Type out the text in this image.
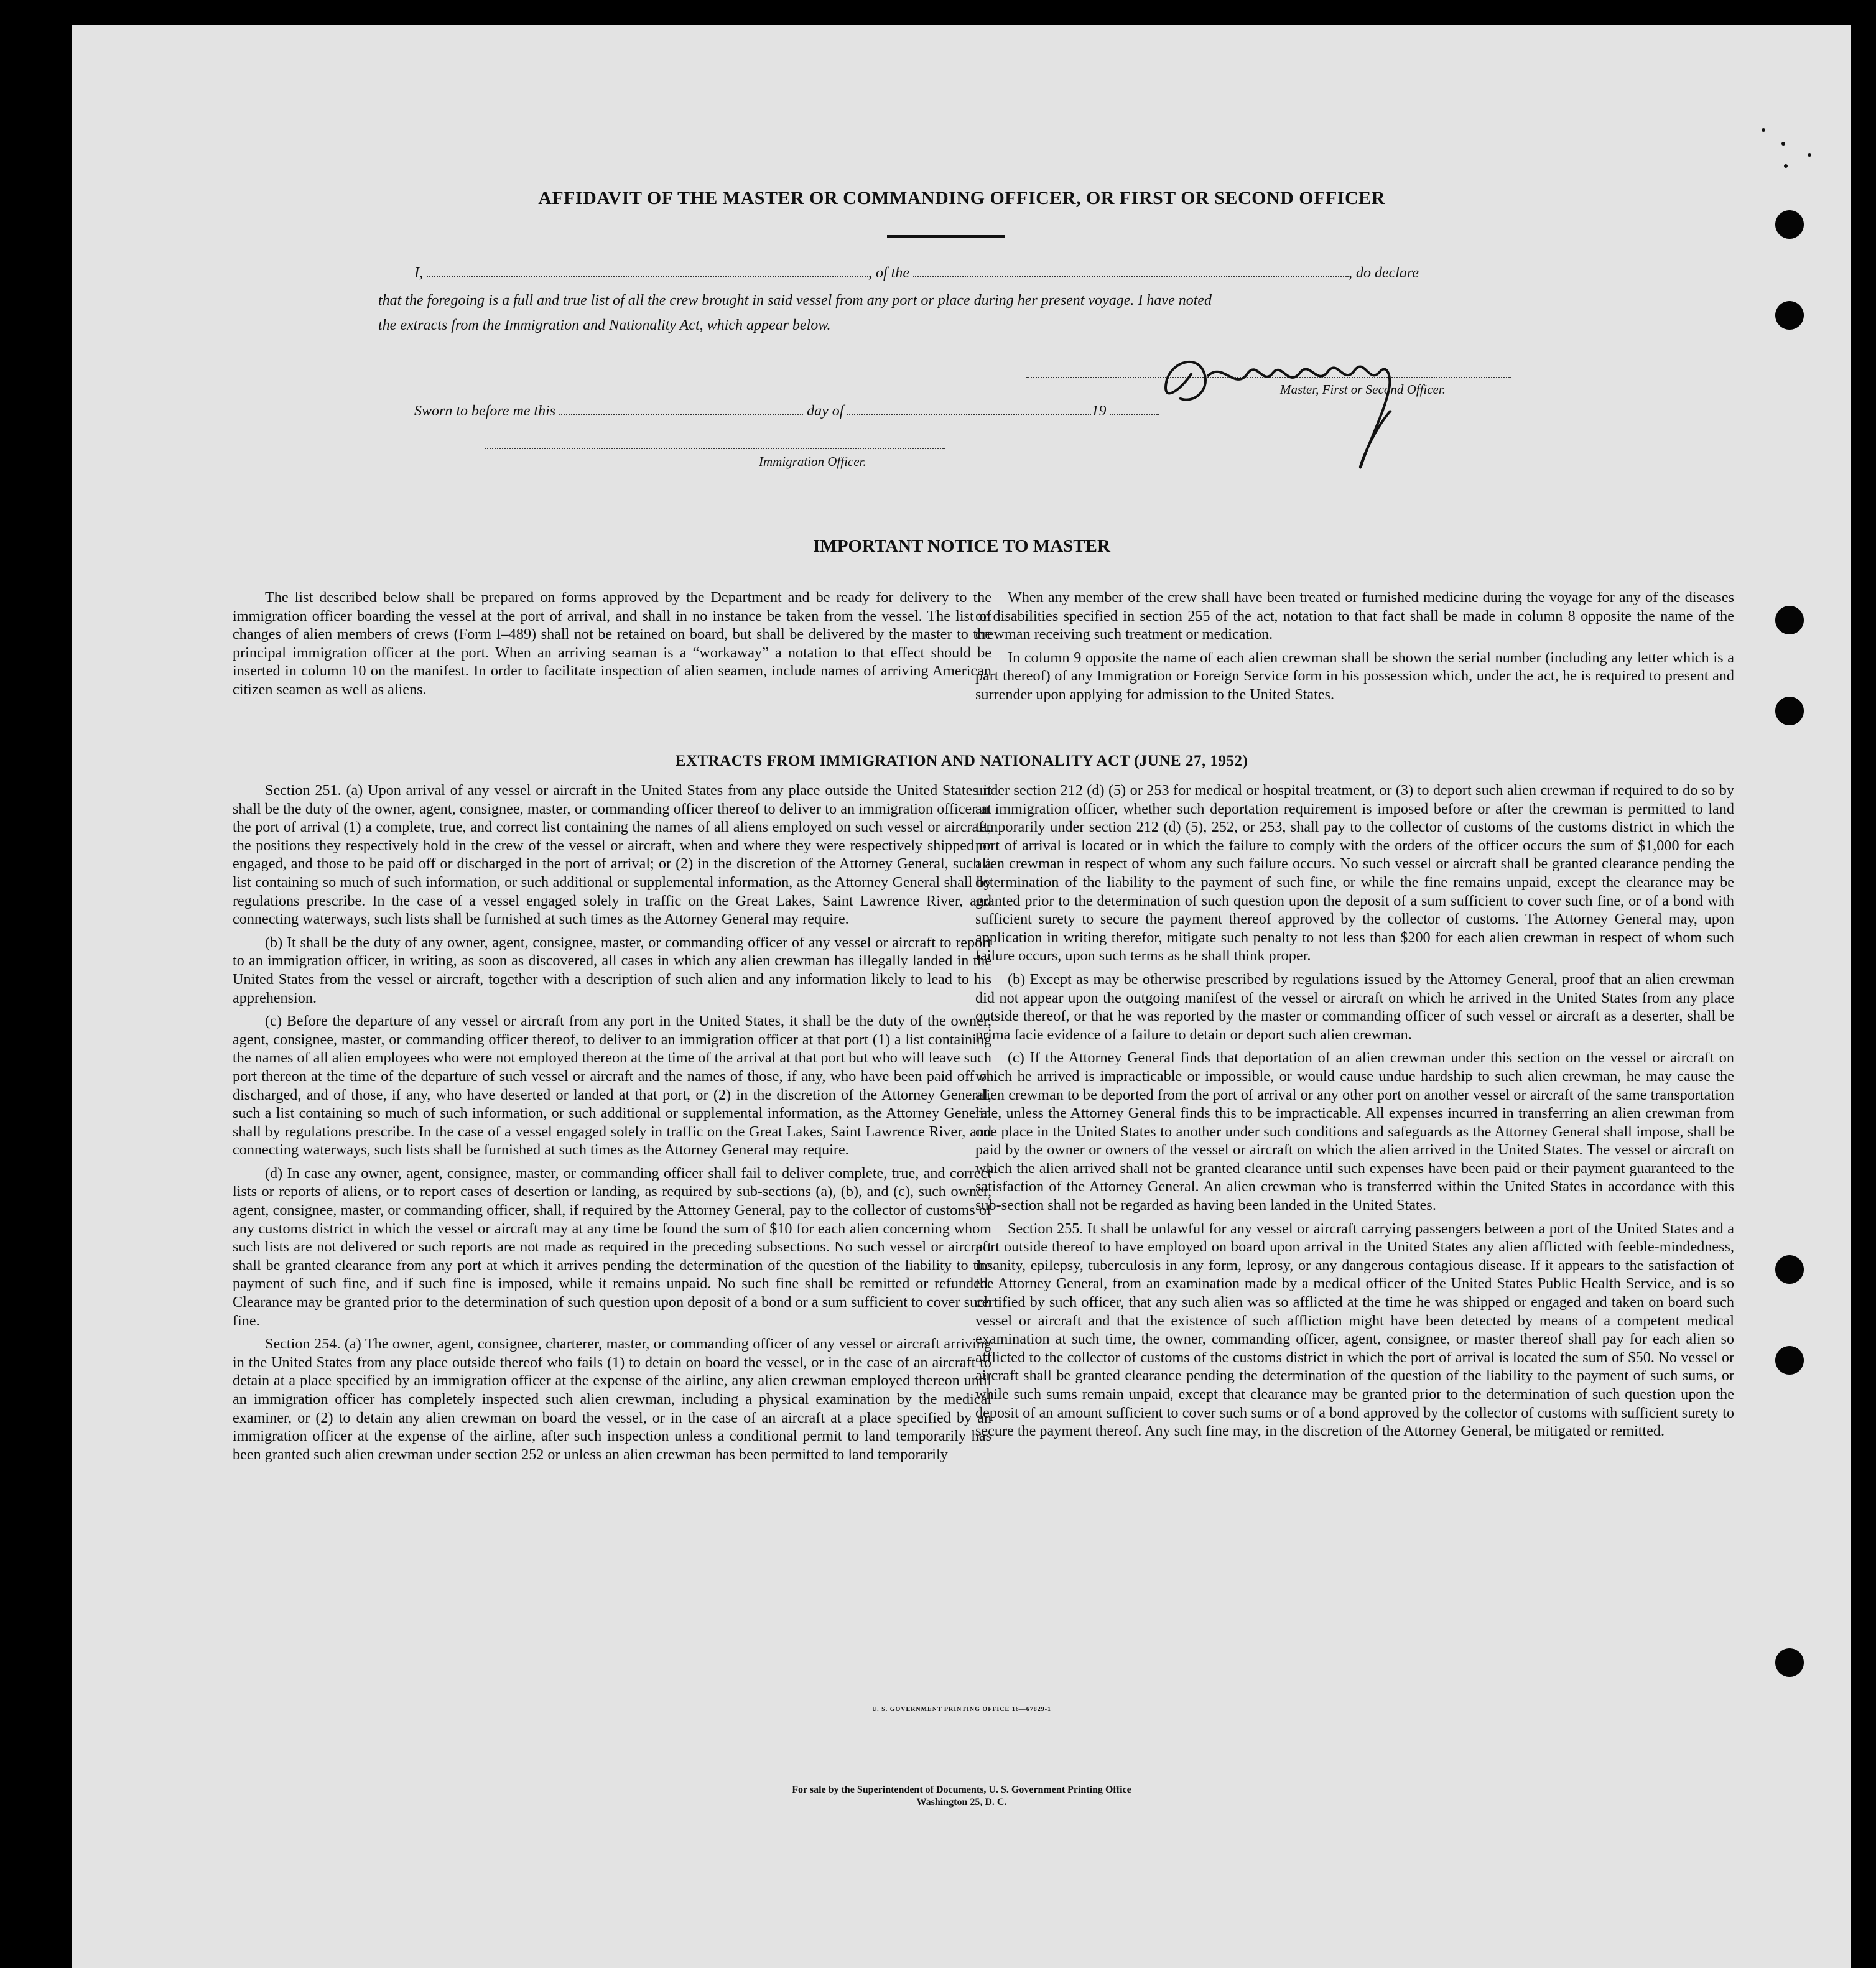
AFFIDAVIT OF THE MASTER OR COMMANDING OFFICER, OR FIRST OR SECOND OFFICER
I,	, of the	, do declare
that the foregoing is a full and true list of all the crew brought in said vessel from any port or place during her present voyage. I have noted
the extracts from the Immigration and Nationality Act, which appear below.
J.Nordskog
Master, First or Second Officer.
Sworn to before me this	day of	19
Immigration Officer.
IMPORTANT NOTICE TO MASTER

The list described below shall be prepared on forms approved by the Department and be ready for delivery to the immigration officer boarding the vessel at the port of arrival, and shall in no instance be taken from the vessel. The list of changes of alien members of crews (Form I–489) shall not be retained on board, but shall be delivered by the master to the principal immigration officer at the port. When an arriving seaman is a “workaway” a notation to that effect should be inserted in column 10 on the manifest. In order to facilitate inspection of alien seamen, include names of arriving American citizen seamen as well as aliens.

When any member of the crew shall have been treated or furnished medicine during the voyage for any of the diseases or disabilities specified in section 255 of the act, notation to that fact shall be made in column 8 opposite the name of the crewman receiving such treatment or medication.

In column 9 opposite the name of each alien crewman shall be shown the serial number (including any letter which is a part thereof) of any Immigration or Foreign Service form in his possession which, under the act, he is required to present and surrender upon applying for admission to the United States.

EXTRACTS FROM IMMIGRATION AND NATIONALITY ACT (JUNE 27, 1952)

Section 251. (a) Upon arrival of any vessel or aircraft in the United States from any place outside the United States it shall be the duty of the owner, agent, consignee, master, or commanding officer thereof to deliver to an immigration officer at the port of arrival (1) a complete, true, and correct list containing the names of all aliens employed on such vessel or aircraft, the positions they respectively hold in the crew of the vessel or aircraft, when and where they were respectively shipped or engaged, and those to be paid off or discharged in the port of arrival; or (2) in the discretion of the Attorney General, such a list containing so much of such information, or such additional or supplemental information, as the Attorney General shall by regulations prescribe. In the case of a vessel engaged solely in traffic on the Great Lakes, Saint Lawrence River, and connecting waterways, such lists shall be furnished at such times as the Attorney General may require.

(b) It shall be the duty of any owner, agent, consignee, master, or commanding officer of any vessel or aircraft to report to an immigration officer, in writing, as soon as discovered, all cases in which any alien crewman has illegally landed in the United States from the vessel or aircraft, together with a description of such alien and any information likely to lead to his apprehension.

(c) Before the departure of any vessel or aircraft from any port in the United States, it shall be the duty of the owner, agent, consignee, master, or commanding officer thereof, to deliver to an immigration officer at that port (1) a list containing the names of all alien employees who were not employed thereon at the time of the arrival at that port but who will leave such port thereon at the time of the departure of such vessel or aircraft and the names of those, if any, who have been paid off or discharged, and of those, if any, who have deserted or landed at that port, or (2) in the discretion of the Attorney General, such a list containing so much of such information, or such additional or supplemental information, as the Attorney General shall by regulations prescribe. In the case of a vessel engaged solely in traffic on the Great Lakes, Saint Lawrence River, and connecting waterways, such lists shall be furnished at such times as the Attorney General may require.

(d) In case any owner, agent, consignee, master, or commanding officer shall fail to deliver complete, true, and correct lists or reports of aliens, or to report cases of desertion or landing, as required by sub-sections (a), (b), and (c), such owner, agent, consignee, master, or commanding officer, shall, if required by the Attorney General, pay to the collector of customs of any customs district in which the vessel or aircraft may at any time be found the sum of $10 for each alien concerning whom such lists are not delivered or such reports are not made as required in the preceding subsections. No such vessel or aircraft shall be granted clearance from any port at which it arrives pending the determination of the question of the liability to the payment of such fine, and if such fine is imposed, while it remains unpaid. No such fine shall be remitted or refunded. Clearance may be granted prior to the determination of such question upon deposit of a bond or a sum sufficient to cover such fine.

Section 254. (a) The owner, agent, consignee, charterer, master, or commanding officer of any vessel or aircraft arriving in the United States from any place outside thereof who fails (1) to detain on board the vessel, or in the case of an aircraft to detain at a place specified by an immigration officer at the expense of the airline, any alien crewman employed thereon until an immigration officer has completely inspected such alien crewman, including a physical examination by the medical examiner, or (2) to detain any alien crewman on board the vessel, or in the case of an aircraft at a place specified by an immigration officer at the expense of the airline, after such inspection unless a conditional permit to land temporarily has been granted such alien crewman under section 252 or unless an alien crewman has been permitted to land temporarily

under section 212 (d) (5) or 253 for medical or hospital treatment, or (3) to deport such alien crewman if required to do so by an immigration officer, whether such deportation requirement is imposed before or after the crewman is permitted to land temporarily under section 212 (d) (5), 252, or 253, shall pay to the collector of customs of the customs district in which the port of arrival is located or in which the failure to comply with the orders of the officer occurs the sum of $1,000 for each alien crewman in respect of whom any such failure occurs. No such vessel or aircraft shall be granted clearance pending the determination of the liability to the payment of such fine, or while the fine remains unpaid, except the clearance may be granted prior to the determination of such question upon the deposit of a sum sufficient to cover such fine, or of a bond with sufficient surety to secure the payment thereof approved by the collector of customs. The Attorney General may, upon application in writing therefor, mitigate such penalty to not less than $200 for each alien crewman in respect of whom such failure occurs, upon such terms as he shall think proper.

(b) Except as may be otherwise prescribed by regulations issued by the Attorney General, proof that an alien crewman did not appear upon the outgoing manifest of the vessel or aircraft on which he arrived in the United States from any place outside thereof, or that he was reported by the master or commanding officer of such vessel or aircraft as a deserter, shall be prima facie evidence of a failure to detain or deport such alien crewman.

(c) If the Attorney General finds that deportation of an alien crewman under this section on the vessel or aircraft on which he arrived is impracticable or impossible, or would cause undue hardship to such alien crewman, he may cause the alien crewman to be deported from the port of arrival or any other port on another vessel or aircraft of the same transportation line, unless the Attorney General finds this to be impracticable. All expenses incurred in transferring an alien crewman from one place in the United States to another under such conditions and safeguards as the Attorney General shall impose, shall be paid by the owner or owners of the vessel or aircraft on which the alien arrived in the United States. The vessel or aircraft on which the alien arrived shall not be granted clearance until such expenses have been paid or their payment guaranteed to the satisfaction of the Attorney General. An alien crewman who is transferred within the United States in accordance with this sub-section shall not be regarded as having been landed in the United States.

Section 255. It shall be unlawful for any vessel or aircraft carrying passengers between a port of the United States and a port outside thereof to have employed on board upon arrival in the United States any alien afflicted with feeble-mindedness, insanity, epilepsy, tuberculosis in any form, leprosy, or any dangerous contagious disease. If it appears to the satisfaction of the Attorney General, from an examination made by a medical officer of the United States Public Health Service, and is so certified by such officer, that any such alien was so afflicted at the time he was shipped or engaged and taken on board such vessel or aircraft and that the existence of such affliction might have been detected by means of a competent medical examination at such time, the owner, commanding officer, agent, consignee, or master thereof shall pay for each alien so afflicted to the collector of customs of the customs district in which the port of arrival is located the sum of $50. No vessel or aircraft shall be granted clearance pending the determination of the question of the liability to the payment of such sums, or while such sums remain unpaid, except that clearance may be granted prior to the determination of such question upon the deposit of an amount sufficient to cover such sums or of a bond approved by the collector of customs with sufficient surety to secure the payment thereof. Any such fine may, in the discretion of the Attorney General, be mitigated or remitted.

U. S. GOVERNMENT PRINTING OFFICE 16—67829-1
For sale by the Superintendent of Documents, U. S. Government Printing Office
Washington 25, D. C.
